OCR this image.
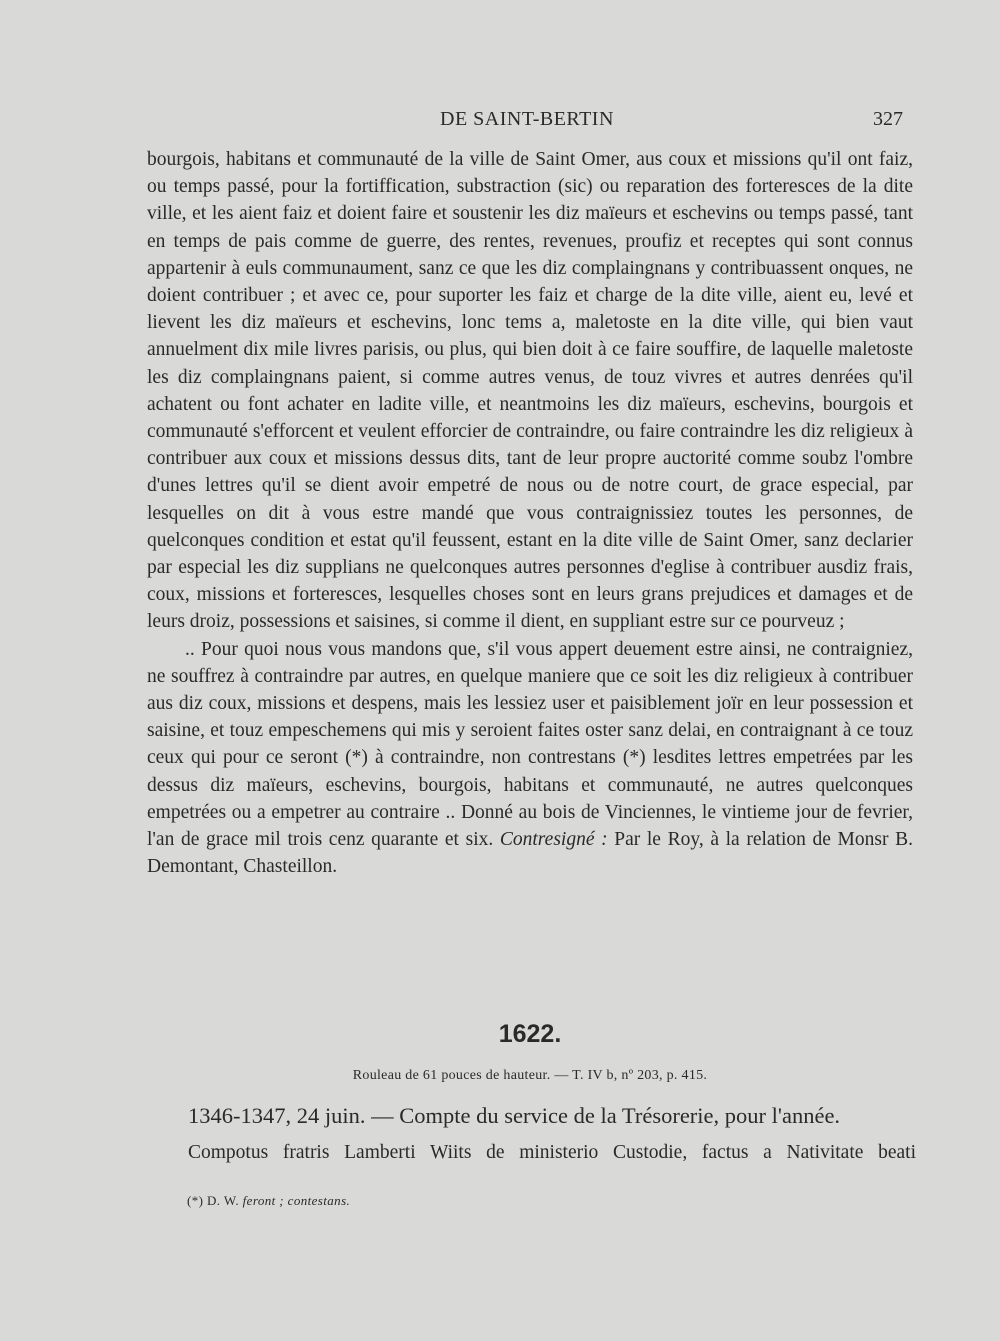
DE SAINT-BERTIN	327

bourgois, habitans et communauté de la ville de Saint Omer, aus coux et missions qu'il ont faiz, ou temps passé, pour la fortiffication, substraction (sic) ou reparation des forteresces de la dite ville, et les aient faiz et doient faire et soustenir les diz maïeurs et eschevins ou temps passé, tant en temps de pais comme de guerre, des rentes, revenues, proufiz et receptes qui sont connus appartenir à euls communaument, sanz ce que les diz complaingnans y contribuassent onques, ne doient contribuer ; et avec ce, pour suporter les faiz et charge de la dite ville, aient eu, levé et lievent les diz maïeurs et eschevins, lonc tems a, maletoste en la dite ville, qui bien vaut annuelment dix mile livres parisis, ou plus, qui bien doit à ce faire souffire, de laquelle maletoste les diz complaingnans paient, si comme autres venus, de touz vivres et autres denrées qu'il achatent ou font achater en ladite ville, et neantmoins les diz maïeurs, eschevins, bourgois et communauté s'efforcent et veulent efforcier de contraindre, ou faire contraindre les diz religieux à contribuer aux coux et missions dessus dits, tant de leur propre auctorité comme soubz l'ombre d'unes lettres qu'il se dient avoir empetré de nous ou de notre court, de grace especial, par lesquelles on dit à vous estre mandé que vous contraignissiez toutes les personnes, de quelconques condition et estat qu'il feussent, estant en la dite ville de Saint Omer, sanz declarier par especial les diz supplians ne quelconques autres personnes d'eglise à contribuer ausdiz frais, coux, missions et forteresces, lesquelles choses sont en leurs grans prejudices et damages et de leurs droiz, possessions et saisines, si comme il dient, en suppliant estre sur ce pourveuz ;

.. Pour quoi nous vous mandons que, s'il vous appert deuement estre ainsi, ne contraigniez, ne souffrez à contraindre par autres, en quelque maniere que ce soit les diz religieux à contribuer aus diz coux, missions et despens, mais les lessiez user et paisiblement joïr en leur possession et saisine, et touz empeschemens qui mis y seroient faites oster sanz delai, en contraignant à ce touz ceux qui pour ce seront (*) à contraindre, non contrestans (*) lesdites lettres empetrées par les dessus diz maïeurs, eschevins, bourgois, habitans et communauté, ne autres quelconques empetrées ou a empetrer au contraire .. Donné au bois de Vinciennes, le vintieme jour de fevrier, l'an de grace mil trois cenz quarante et six. Contresigné : Par le Roy, à la relation de Monsr B. Demontant, Chasteillon.

1622.
Rouleau de 61 pouces de hauteur. — T. IV b, nº 203, p. 415.
1346-1347, 24 juin. — Compte du service de la Trésorerie, pour l'année.
Compotus fratris Lamberti Wiits de ministerio Custodie, factus a Nativitate beati
(*) D. W. feront ; contestans.
